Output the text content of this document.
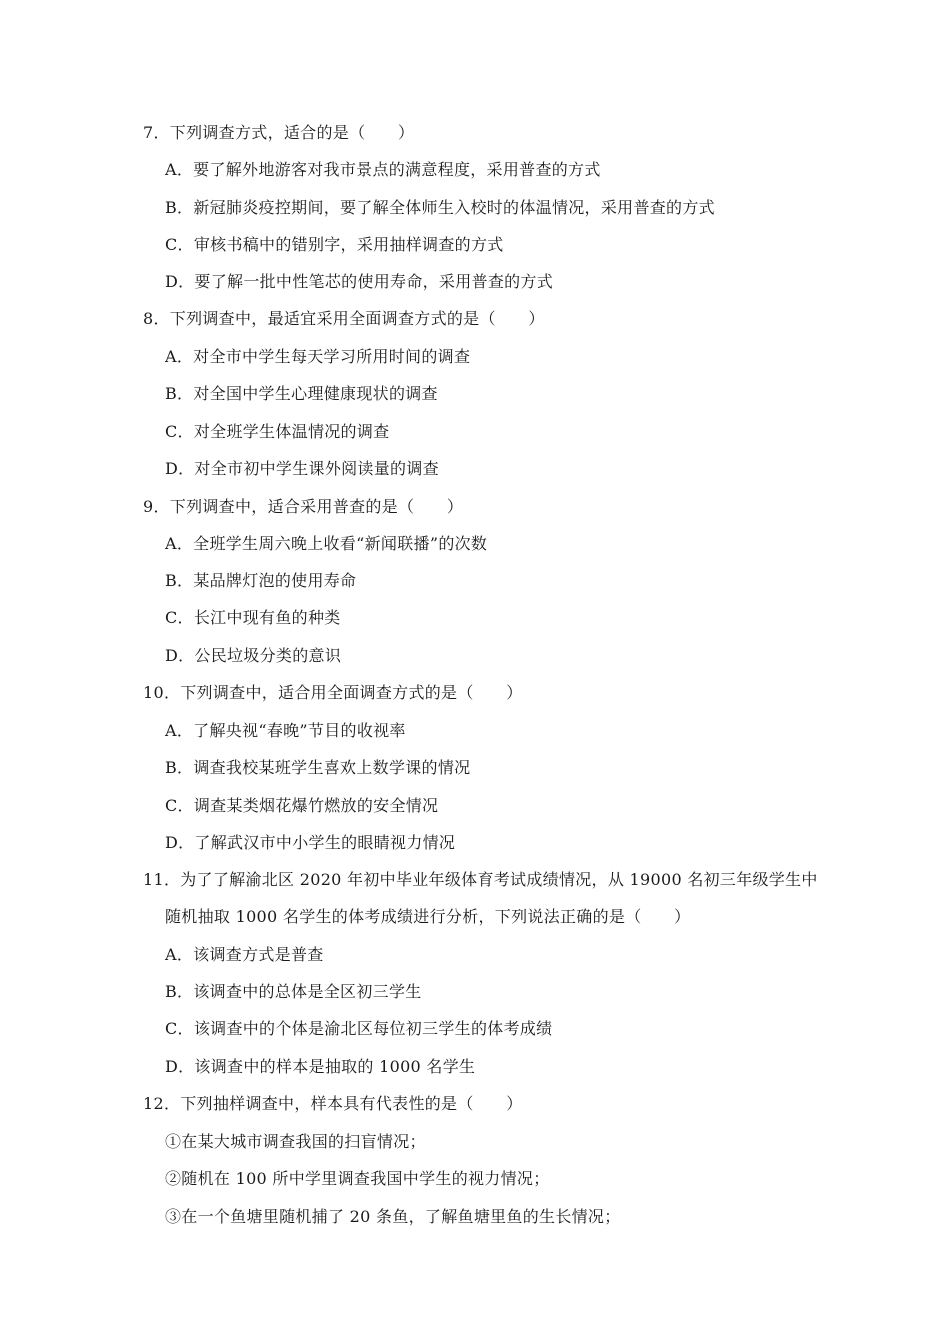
7．下列调查方式，适合的是（　　）
A．要了解外地游客对我市景点的满意程度，采用普查的方式
B．新冠肺炎疫控期间，要了解全体师生入校时的体温情况，采用普查的方式
C．审核书稿中的错别字，采用抽样调查的方式
D．要了解一批中性笔芯的使用寿命，采用普查的方式
8．下列调查中，最适宜采用全面调查方式的是（　　）
A．对全市中学生每天学习所用时间的调查
B．对全国中学生心理健康现状的调查
C．对全班学生体温情况的调查
D．对全市初中学生课外阅读量的调查
9．下列调查中，适合采用普查的是（　　）
A．全班学生周六晚上收看“新闻联播”的次数
B．某品牌灯泡的使用寿命
C．长江中现有鱼的种类
D．公民垃圾分类的意识
10．下列调查中，适合用全面调查方式的是（　　）
A．了解央视“春晚”节目的收视率
B．调查我校某班学生喜欢上数学课的情况
C．调查某类烟花爆竹燃放的安全情况
D．了解武汉市中小学生的眼睛视力情况
11．为了了解渝北区 2020 年初中毕业年级体育考试成绩情况，从 19000 名初三年级学生中
随机抽取 1000 名学生的体考成绩进行分析，下列说法正确的是（　　）
A．该调查方式是普查
B．该调查中的总体是全区初三学生
C．该调查中的个体是渝北区每位初三学生的体考成绩
D．该调查中的样本是抽取的 1000 名学生
12．下列抽样调查中，样本具有代表性的是（　　）
①在某大城市调查我国的扫盲情况；
②随机在 100 所中学里调查我国中学生的视力情况；
③在一个鱼塘里随机捕了 20 条鱼，了解鱼塘里鱼的生长情况；
